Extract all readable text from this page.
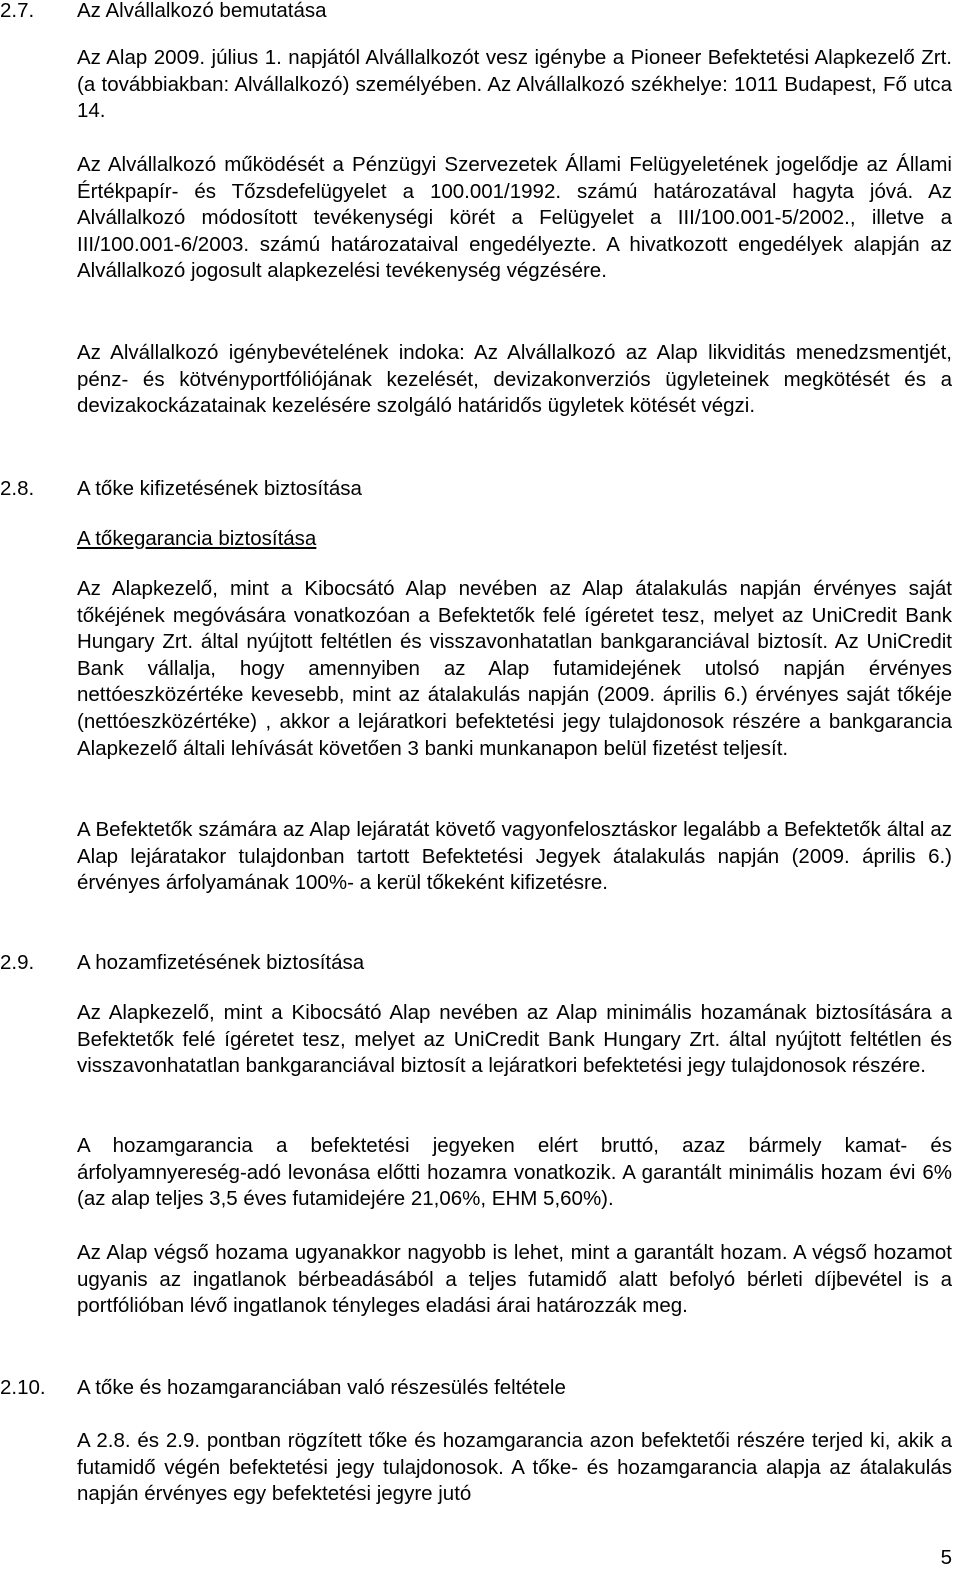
2.7. Az Alvállalkozó bemutatása
Az Alap 2009. július 1. napjától Alvállalkozót vesz igénybe a Pioneer Befektetési Alapkezelő Zrt. (a továbbiakban: Alvállalkozó) személyében. Az Alvállalkozó székhelye: 1011 Budapest, Fő utca 14.
Az Alvállalkozó működését a Pénzügyi Szervezetek Állami Felügyeletének jogelődje az Állami Értékpapír- és Tőzsdefelügyelet a 100.001/1992. számú határozatával hagyta jóvá. Az Alvállalkozó módosított tevékenységi körét a Felügyelet a III/100.001-5/2002., illetve a III/100.001-6/2003. számú határozataival engedélyezte. A hivatkozott engedélyek alapján az Alvállalkozó jogosult alapkezelési tevékenység végzésére.
Az Alvállalkozó igénybevételének indoka: Az Alvállalkozó az Alap likviditás menedzsmentjét, pénz- és kötvényportfóliójának kezelését, devizakonverziós ügyleteinek megkötését és a devizakockázatainak kezelésére szolgáló határidős ügyletek kötését végzi.
2.8. A tőke kifizetésének biztosítása
A tőkegarancia biztosítása
Az Alapkezelő, mint a Kibocsátó Alap nevében az Alap átalakulás napján érvényes saját tőkéjének megóvására vonatkozóan a Befektetők felé ígéretet tesz, melyet az UniCredit Bank Hungary Zrt. által nyújtott feltétlen és visszavonhatatlan bankgaranciával biztosít. Az UniCredit Bank vállalja, hogy amennyiben az Alap futamidejének utolsó napján érvényes nettóeszközértéke kevesebb, mint az átalakulás napján (2009. április 6.) érvényes saját tőkéje (nettóeszközértéke) , akkor a lejáratkori befektetési jegy tulajdonosok részére a bankgarancia Alapkezelő általi lehívását követően 3 banki munkanapon belül fizetést teljesít.
A Befektetők számára az Alap lejáratát követő vagyonfelosztáskor legalább a Befektetők által az Alap lejáratakor tulajdonban tartott Befektetési Jegyek átalakulás napján (2009. április 6.) érvényes árfolyamának 100%- a kerül tőkeként kifizetésre.
2.9. A hozamfizetésének biztosítása
Az Alapkezelő, mint a Kibocsátó Alap nevében az Alap minimális hozamának biztosítására a Befektetők felé ígéretet tesz, melyet az UniCredit Bank Hungary Zrt. által nyújtott feltétlen és visszavonhatatlan bankgaranciával biztosít a lejáratkori befektetési jegy tulajdonosok részére.
A hozamgarancia a befektetési jegyeken elért bruttó, azaz bármely kamat- és árfolyamnyereség-adó levonása előtti hozamra vonatkozik. A garantált minimális hozam évi 6% (az alap teljes 3,5 éves futamidejére 21,06%, EHM 5,60%).
Az Alap végső hozama ugyanakkor nagyobb is lehet, mint a garantált hozam. A végső hozamot ugyanis az ingatlanok bérbeadásából a teljes futamidő alatt befolyó bérleti díjbevétel is a portfólióban lévő ingatlanok tényleges eladási árai határozzák meg.
2.10. A tőke és hozamgaranciában való részesülés feltétele
A 2.8. és 2.9. pontban rögzített tőke és hozamgarancia azon befektetői részére terjed ki, akik a futamidő végén befektetési jegy tulajdonosok. A tőke- és hozamgarancia alapja az átalakulás napján érvényes egy befektetési jegyre jutó
5
